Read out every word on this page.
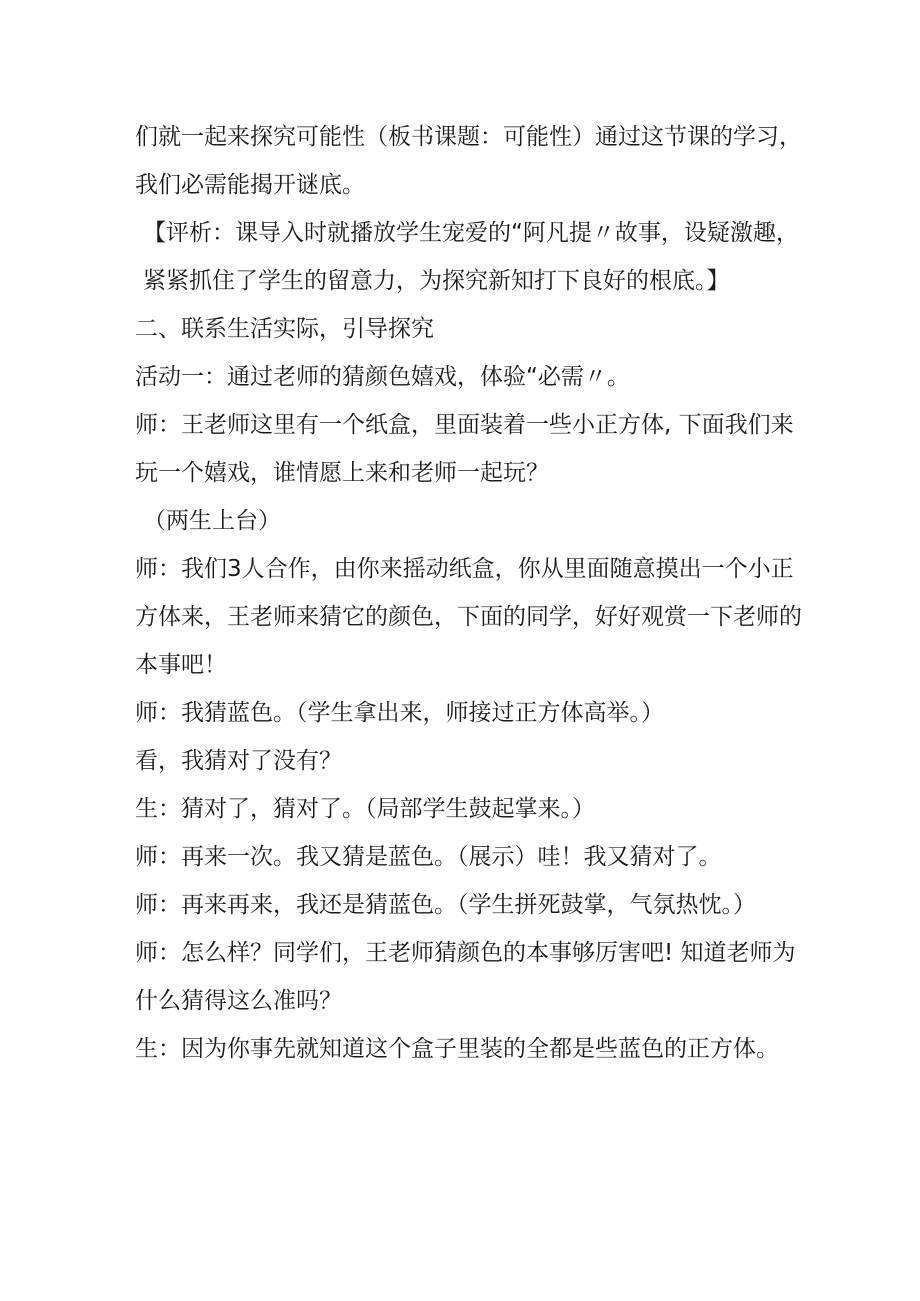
们就一起来探究可能性（板书课题：可能性）通过这节课的学习，我们必需能揭开谜底。

【评析：课导入时就播放学生宠爱的“阿凡提〃故事，设疑激趣，紧紧抓住了学生的留意力，为探究新知打下良好的根底。】

二、联系生活实际，引导探究

活动一：通过老师的猜颜色嬉戏，体验“必需〃。

师：王老师这里有一个纸盒，里面装着一些小正方体, 下面我们来玩一个嬉戏，谁情愿上来和老师一起玩？

（两生上台）

师：我们3人合作，由你来摇动纸盒，你从里面随意摸出一个小正方体来，王老师来猜它的颜色，下面的同学，好好观赏一下老师的本事吧！

师：我猜蓝色。（学生拿出来，师接过正方体高举。）

看，我猜对了没有？

生：猜对了，猜对了。（局部学生鼓起掌来。）

师：再来一次。我又猜是蓝色。（展示）哇！我又猜对了。

师：再来再来，我还是猜蓝色。（学生拼死鼓掌，气氛热忱。）

师：怎么样？同学们，王老师猜颜色的本事够厉害吧! 知道老师为什么猜得这么准吗？

生：因为你事先就知道这个盒子里装的全都是些蓝色的正方体。
